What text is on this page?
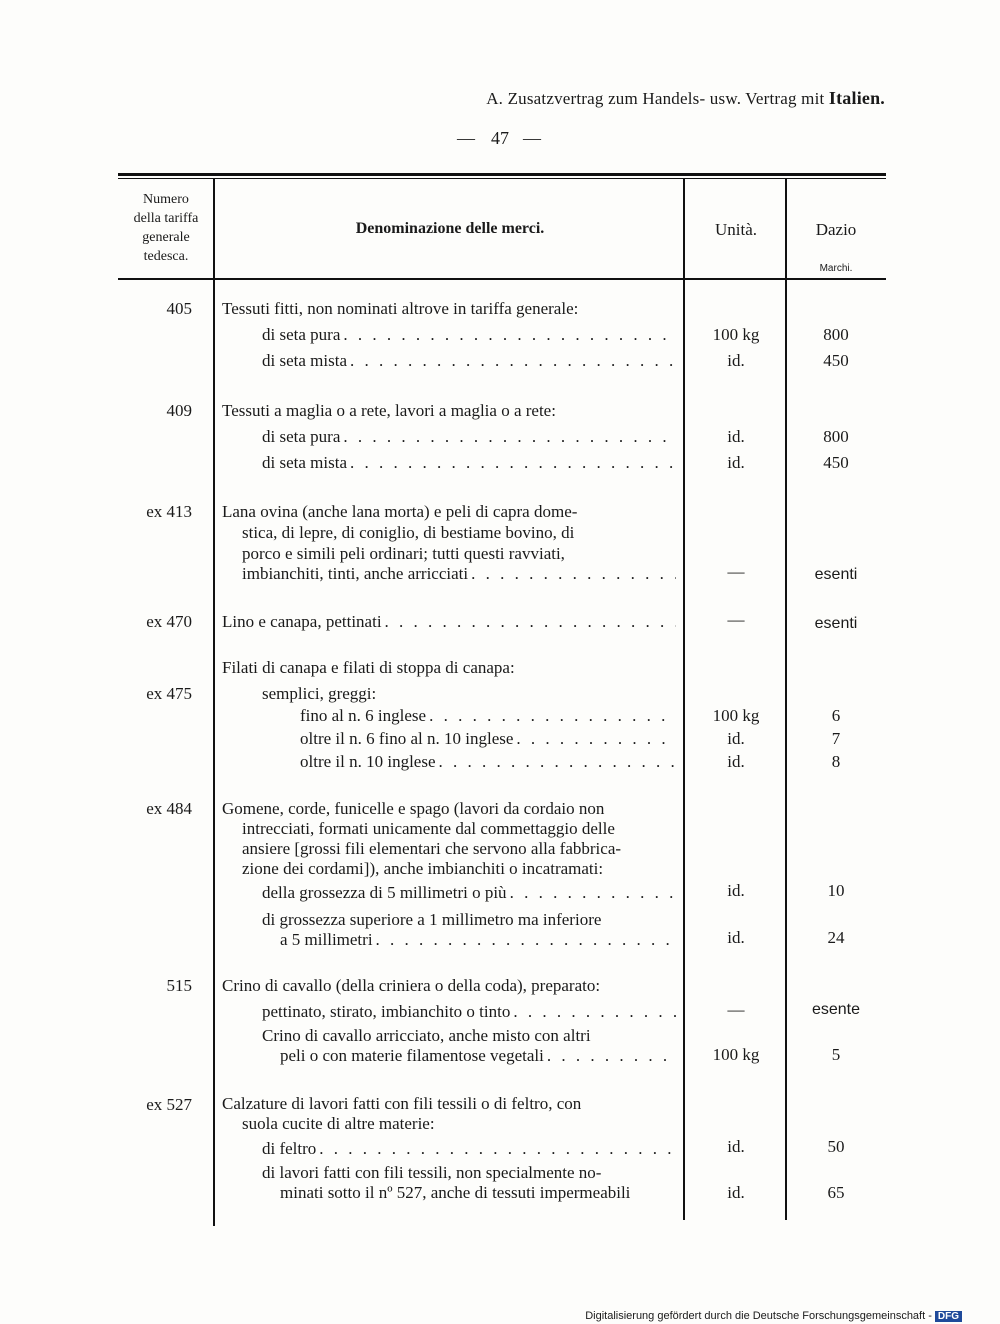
A. Zusatzvertrag zum Handels- usw. Vertrag mit Italien.
— 47 —
Numero
della tariffa
generale
tedesca.
Denominazione delle merci.	Unità.	Dazio
Marchi.
405 Tessuti fitti, non nominati altrove in tariffa generale:
di seta pura . . .	100 kg	800
di seta mista . . .	id.	450
409 Tessuti a maglia o a rete, lavori a maglia o a rete:
di seta pura . . .	id.	800
di seta mista . . .	id.	450
ex 413 Lana ovina (anche lana morta) e peli di capra dome-
stica, di lepre, di coniglio, di bestiame bovino, di
porco e simili peli ordinari; tutti questi ravviati,
imbianchiti, tinti, anche arricciati . . .	—	esenti
ex 470 Lino e canapa, pettinati . . .	—	esenti
Filati di canapa e filati di stoppa di canapa:
ex 475	semplici, greggi:
fino al n. 6 inglese . . .	100 kg	6
oltre il n. 6 fino al n. 10 inglese . . .	id.	7
oltre il n. 10 inglese . . .	id.	8
ex 484 Gomene, corde, funicelle e spago (lavori da cordaio non
intrecciati, formati unicamente dal commettaggio delle
ansiere [grossi fili elementari che servono alla fabbrica-
zione dei cordami]), anche imbianchiti o incatramati:
della grossezza di 5 millimetri o più . . .	id.	10
di grossezza superiore a 1 millimetro ma inferiore
a 5 millimetri . . .	id.	24
515 Crino di cavallo (della criniera o della coda), preparato:
pettinato, stirato, imbianchito o tinto . . .	—	esente
Crino di cavallo arricciato, anche misto con altri
peli o con materie filamentose vegetali . . .	100 kg	5
ex 527 Calzature di lavori fatti con fili tessili o di feltro, con
suola cucite di altre materie:
di feltro . . .	id.	50
di lavori fatti con fili tessili, non specialmente no-
minati sotto il nº 527, anche di tessuti impermeabili	id.	65
Digitalisierung gefördert durch die Deutsche Forschungsgemeinschaft - DFG
